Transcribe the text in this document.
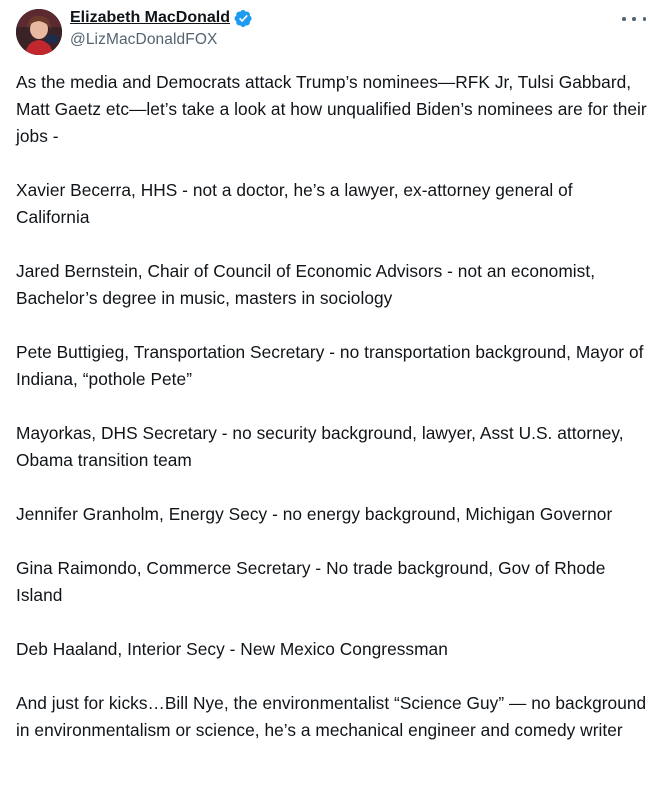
Elizabeth MacDonald
@LizMacDonaldFOX

As the media and Democrats attack Trump’s nominees—RFK Jr, Tulsi Gabbard, Matt Gaetz etc—let’s take a look at how unqualified Biden’s nominees are for their jobs -

Xavier Becerra, HHS - not a doctor, he’s a lawyer, ex-attorney general of California

Jared Bernstein, Chair of Council of Economic Advisors - not an economist, Bachelor’s degree in music, masters in sociology

Pete Buttigieg, Transportation Secretary - no transportation background, Mayor of Indiana, “pothole Pete”

Mayorkas, DHS Secretary - no security background, lawyer, Asst U.S. attorney, Obama transition team

Jennifer Granholm, Energy Secy - no energy background, Michigan Governor

Gina Raimondo, Commerce Secretary - No trade background, Gov of Rhode Island

Deb Haaland, Interior Secy - New Mexico Congressman

And just for kicks…Bill Nye, the environmentalist “Science Guy” — no background in environmentalism or science, he’s a mechanical engineer and comedy writer
